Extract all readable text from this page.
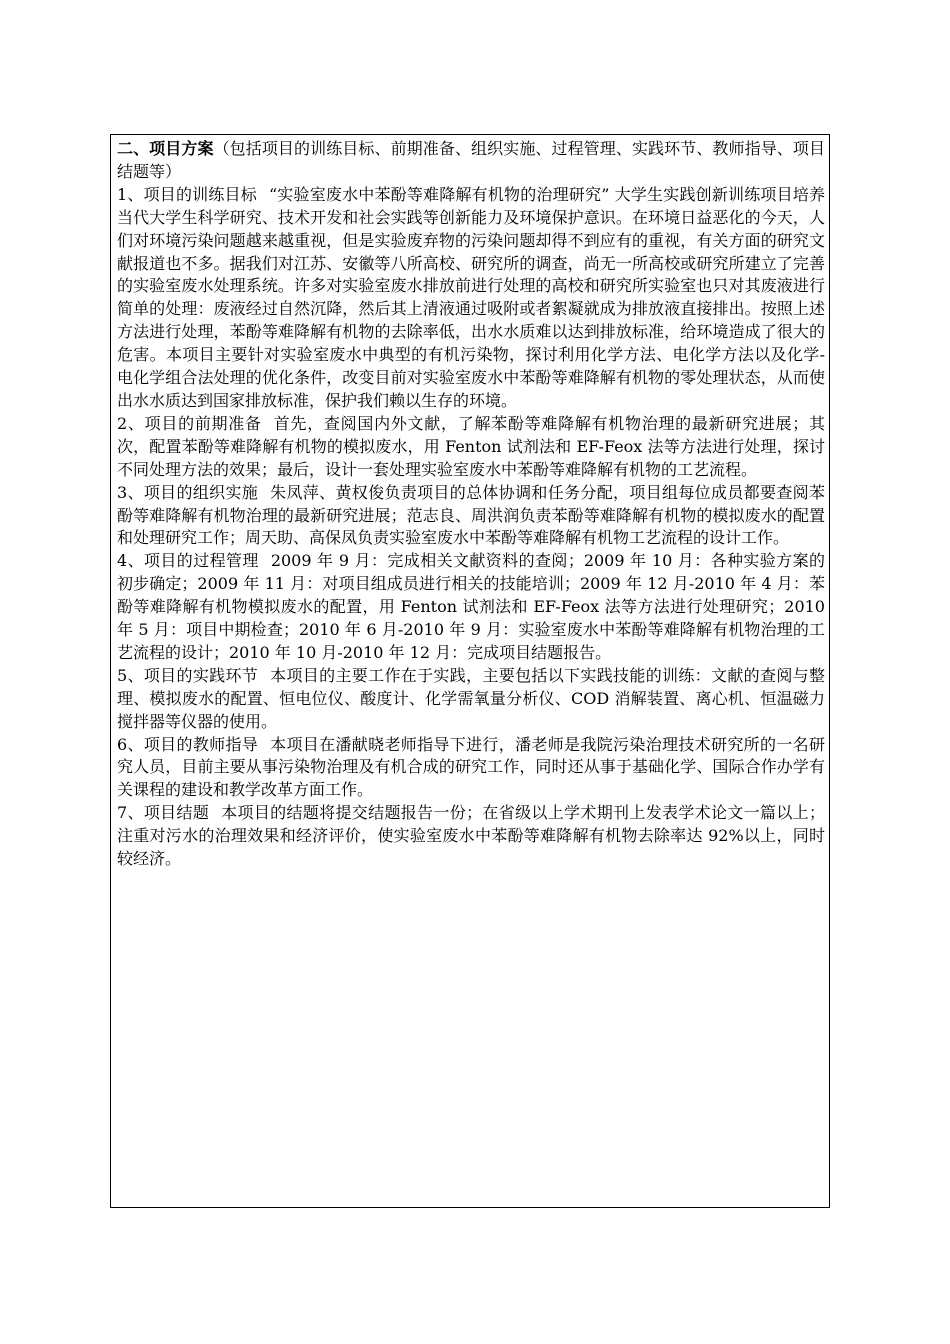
二、项目方案（包括项目的训练目标、前期准备、组织实施、过程管理、实践环节、教师指导、项目结题等）

1、项目的训练目标 “实验室废水中苯酚等难降解有机物的治理研究” 大学生实践创新训练项目培养当代大学生科学研究、技术开发和社会实践等创新能力及环境保护意识。在环境日益恶化的今天，人们对环境污染问题越来越重视，但是实验废弃物的污染问题却得不到应有的重视，有关方面的研究文献报道也不多。据我们对江苏、安徽等八所高校、研究所的调查，尚无一所高校或研究所建立了完善的实验室废水处理系统。许多对实验室废水排放前进行处理的高校和研究所实验室也只对其废液进行简单的处理：废液经过自然沉降，然后其上清液通过吸附或者絮凝就成为排放液直接排出。按照上述方法进行处理，苯酚等难降解有机物的去除率低，出水水质难以达到排放标准，给环境造成了很大的危害。本项目主要针对实验室废水中典型的有机污染物，探讨利用化学方法、电化学方法以及化学-电化学组合法处理的优化条件，改变目前对实验室废水中苯酚等难降解有机物的零处理状态，从而使出水水质达到国家排放标准，保护我们赖以生存的环境。

2、项目的前期准备 首先，查阅国内外文献，了解苯酚等难降解有机物治理的最新研究进展；其次，配置苯酚等难降解有机物的模拟废水，用 Fenton 试剂法和 EF-Feox 法等方法进行处理，探讨不同处理方法的效果；最后，设计一套处理实验室废水中苯酚等难降解有机物的工艺流程。

3、项目的组织实施 朱凤萍、黄权俊负责项目的总体协调和任务分配，项目组每位成员都要查阅苯酚等难降解有机物治理的最新研究进展；范志良、周洪润负责苯酚等难降解有机物的模拟废水的配置和处理研究工作；周天助、高保凤负责实验室废水中苯酚等难降解有机物工艺流程的设计工作。

4、项目的过程管理 2009 年 9 月：完成相关文献资料的查阅；2009 年 10 月：各种实验方案的初步确定；2009 年 11 月：对项目组成员进行相关的技能培训；2009 年 12 月-2010 年 4 月：苯酚等难降解有机物模拟废水的配置，用 Fenton 试剂法和 EF-Feox 法等方法进行处理研究；2010 年 5 月：项目中期检查；2010 年 6 月-2010 年 9 月：实验室废水中苯酚等难降解有机物治理的工艺流程的设计；2010 年 10 月-2010 年 12 月：完成项目结题报告。

5、项目的实践环节 本项目的主要工作在于实践，主要包括以下实践技能的训练：文献的查阅与整理、模拟废水的配置、恒电位仪、酸度计、化学需氧量分析仪、COD 消解装置、离心机、恒温磁力搅拌器等仪器的使用。

6、项目的教师指导 本项目在潘献晓老师指导下进行，潘老师是我院污染治理技术研究所的一名研究人员，目前主要从事污染物治理及有机合成的研究工作，同时还从事于基础化学、国际合作办学有关课程的建设和教学改革方面工作。

7、项目结题 本项目的结题将提交结题报告一份；在省级以上学术期刊上发表学术论文一篇以上；注重对污水的治理效果和经济评价，使实验室废水中苯酚等难降解有机物去除率达 92%以上，同时较经济。
